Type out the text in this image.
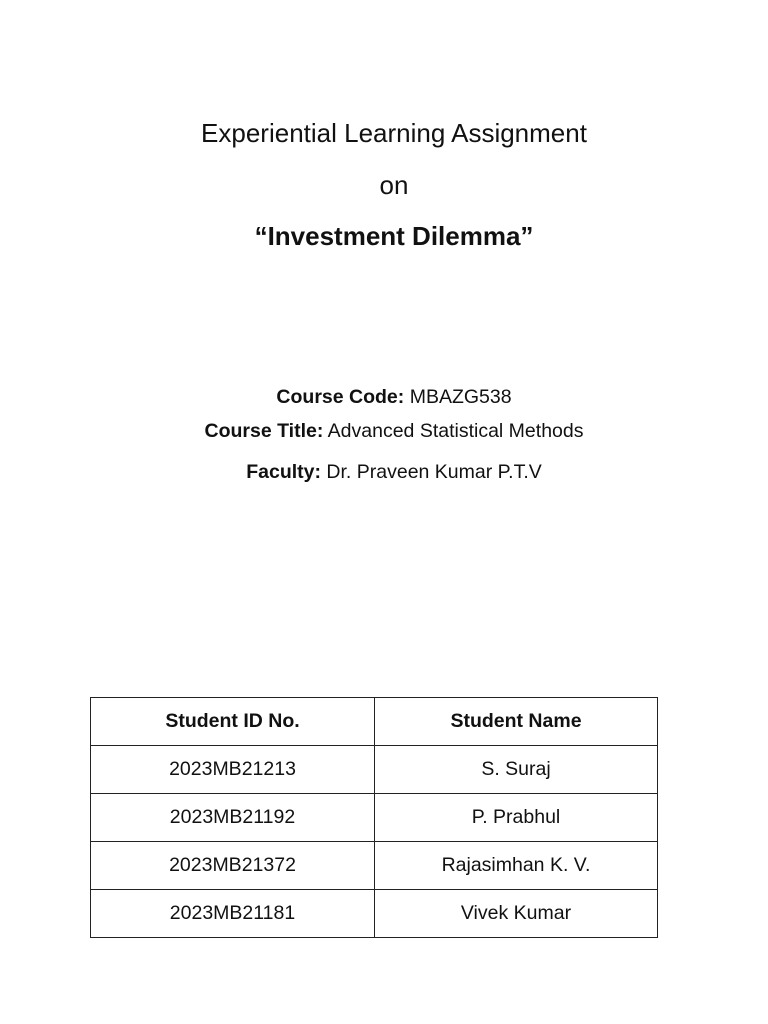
Experiential Learning Assignment
on
“Investment Dilemma”
Course Code: MBAZG538
Course Title: Advanced Statistical Methods
Faculty: Dr. Praveen Kumar P.T.V
Student ID No.	Student Name
2023MB21213	S. Suraj
2023MB21192	P. Prabhul
2023MB21372	Rajasimhan K. V.
2023MB21181	Vivek Kumar
